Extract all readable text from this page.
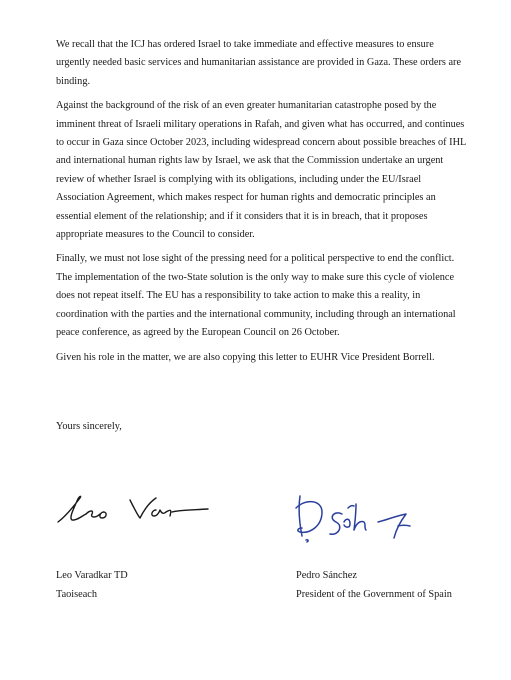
We recall that the ICJ has ordered Israel to take immediate and effective measures to ensure urgently needed basic services and humanitarian assistance are provided in Gaza. These orders are binding.

Against the background of the risk of an even greater humanitarian catastrophe posed by the imminent threat of Israeli military operations in Rafah, and given what has occurred, and continues to occur in Gaza since October 2023, including widespread concern about possible breaches of IHL and international human rights law by Israel, we ask that the Commission undertake an urgent review of whether Israel is complying with its obligations, including under the EU/Israel Association Agreement, which makes respect for human rights and democratic principles an essential element of the relationship; and if it considers that it is in breach, that it proposes appropriate measures to the Council to consider.

Finally, we must not lose sight of the pressing need for a political perspective to end the conflict. The implementation of the two-State solution is the only way to make sure this cycle of violence does not repeat itself. The EU has a responsibility to take action to make this a reality, in coordination with the parties and the international community, including through an international peace conference, as agreed by the European Council on 26 October.

Given his role in the matter, we are also copying this letter to EUHR Vice President Borrell.

Yours sincerely,
Leo Varadkar TD
Taoiseach
Pedro Sánchez
President of the Government of Spain
